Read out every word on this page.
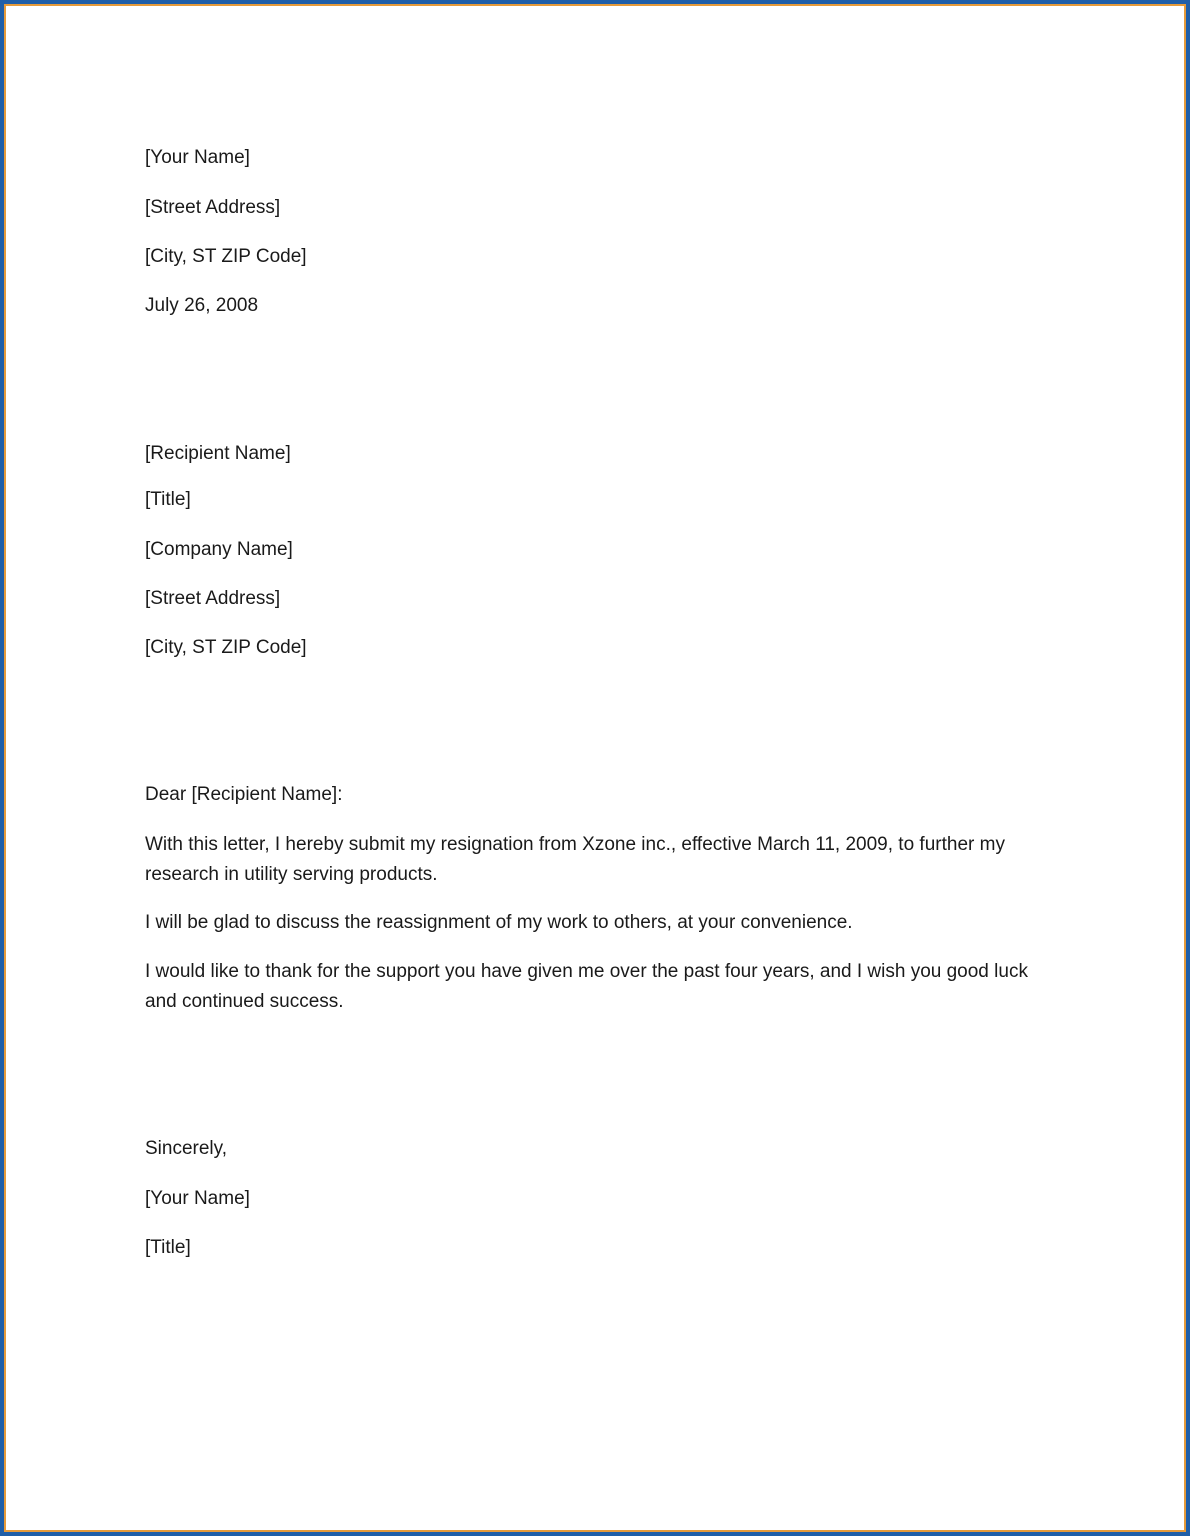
[Your Name]
[Street Address]
[City, ST ZIP Code]
July 26, 2008
[Recipient Name]
[Title]
[Company Name]
[Street Address]
[City, ST ZIP Code]
Dear [Recipient Name]:
With this letter, I hereby submit my resignation from Xzone inc., effective March 11, 2009, to further my research in utility serving products.
I will be glad to discuss the reassignment of my work to others, at your convenience.
I would like to thank for the support you have given me over the past four years, and I wish you good luck and continued success.
Sincerely,
[Your Name]
[Title]
